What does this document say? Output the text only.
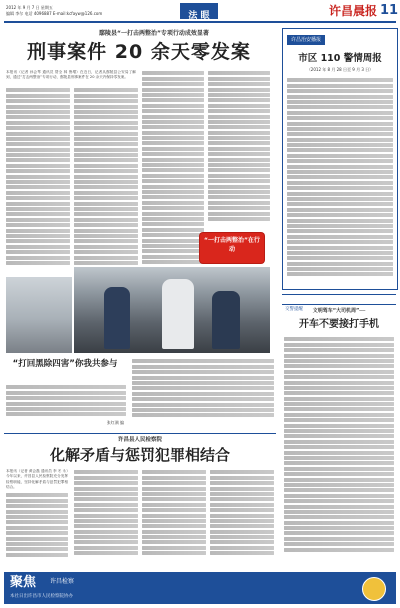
2012 年 9 月 7 日 星期五
编辑 李尔 电话 4096887 E-mail:kcfayw@126.com	法 眼	许昌晨报 11
鄢陵县“一打击两整治”专项行动成效显著
刑事案件 20 余天零发案
本报讯（记者 孙会琴 通讯员 帮全 林 鲁增）在近日，记者从鄢陵县公安局了解到，通过“打击两整治”专项行动，鄢陵县刑事案件在 20 余天内保持零发案。
“一打击两整治”在行动
许昌治安播报
市区 110 警情周报
（2012 年 8 月 28 日至 9 月 3 日）
“打回黑除四害”你我共参与
张红满 编
交警提醒	文明驾车“大司机周”──
开车不要接打手机
许昌县人民检察院
化解矛盾与惩罚犯罪相结合
本报讯（记者 黄会磊 通讯员 李 冬 永）今年以来，许昌县人民检察院充分发挥检察职能，坚持化解矛盾与惩罚犯罪相结合。
聚焦 许昌检察
本社日出许昌市人民检察院协办
